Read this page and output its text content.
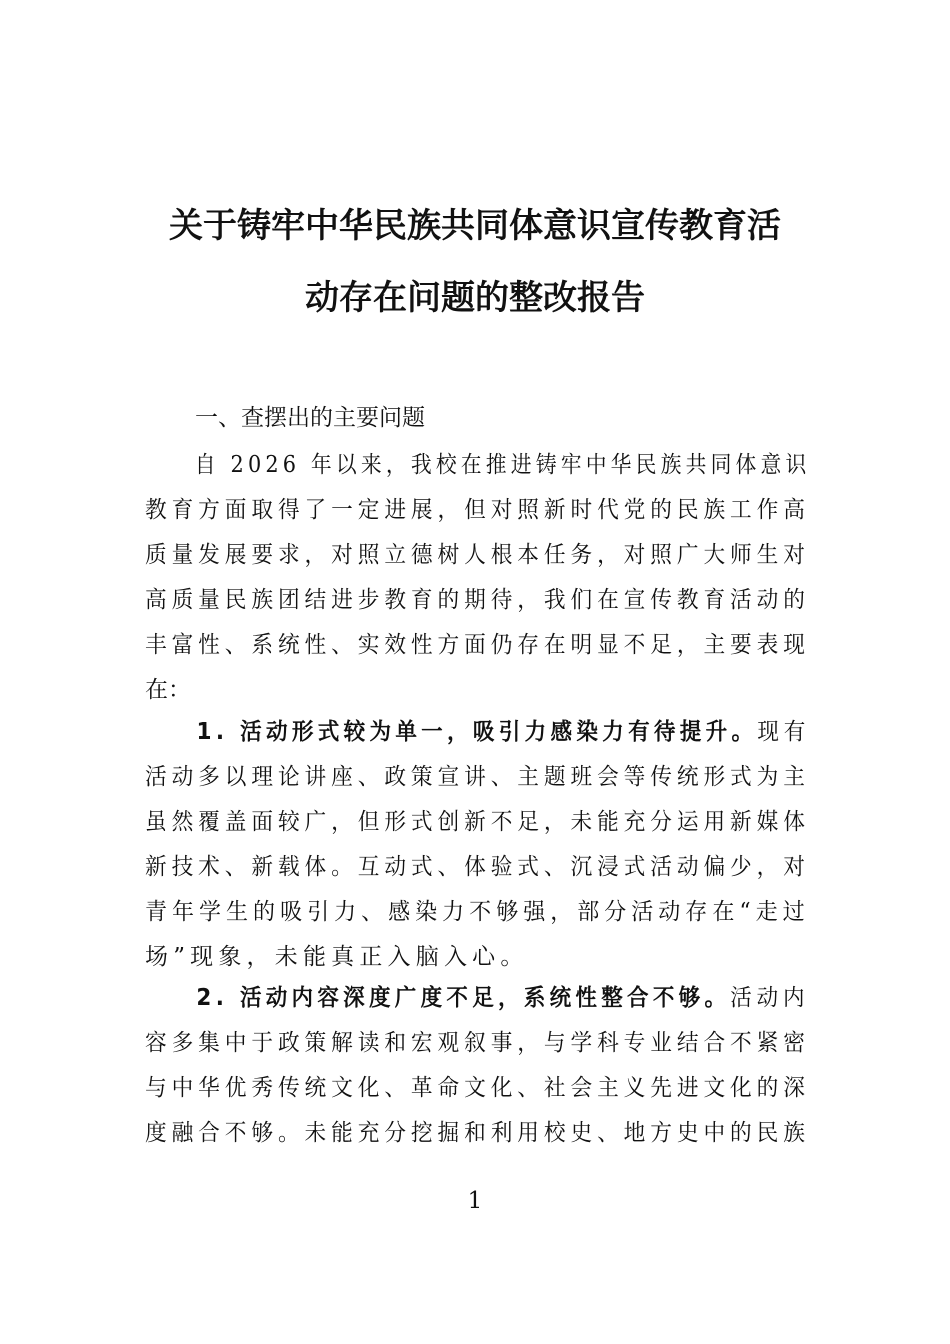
关于铸牢中华民族共同体意识宣传教育活
动存在问题的整改报告
一、查摆出的主要问题
自 2026 年以来，我校在推进铸牢中华民族共同体意识
教育方面取得了一定进展，但对照新时代党的民族工作高
质量发展要求，对照立德树人根本任务，对照广大师生对
高质量民族团结进步教育的期待，我们在宣传教育活动的
丰富性、系统性、实效性方面仍存在明显不足，主要表现
在：
1. 活动形式较为单一，吸引力感染力有待提升。现有
活动多以理论讲座、政策宣讲、主题班会等传统形式为主
虽然覆盖面较广，但形式创新不足，未能充分运用新媒体
新技术、新载体。互动式、体验式、沉浸式活动偏少，对
青年学生的吸引力、感染力不够强，部分活动存在“走过
场”现象，未能真正入脑入心。
2. 活动内容深度广度不足，系统性整合不够。活动内
容多集中于政策解读和宏观叙事，与学科专业结合不紧密
与中华优秀传统文化、革命文化、社会主义先进文化的深
度融合不够。未能充分挖掘和利用校史、地方史中的民族
1
